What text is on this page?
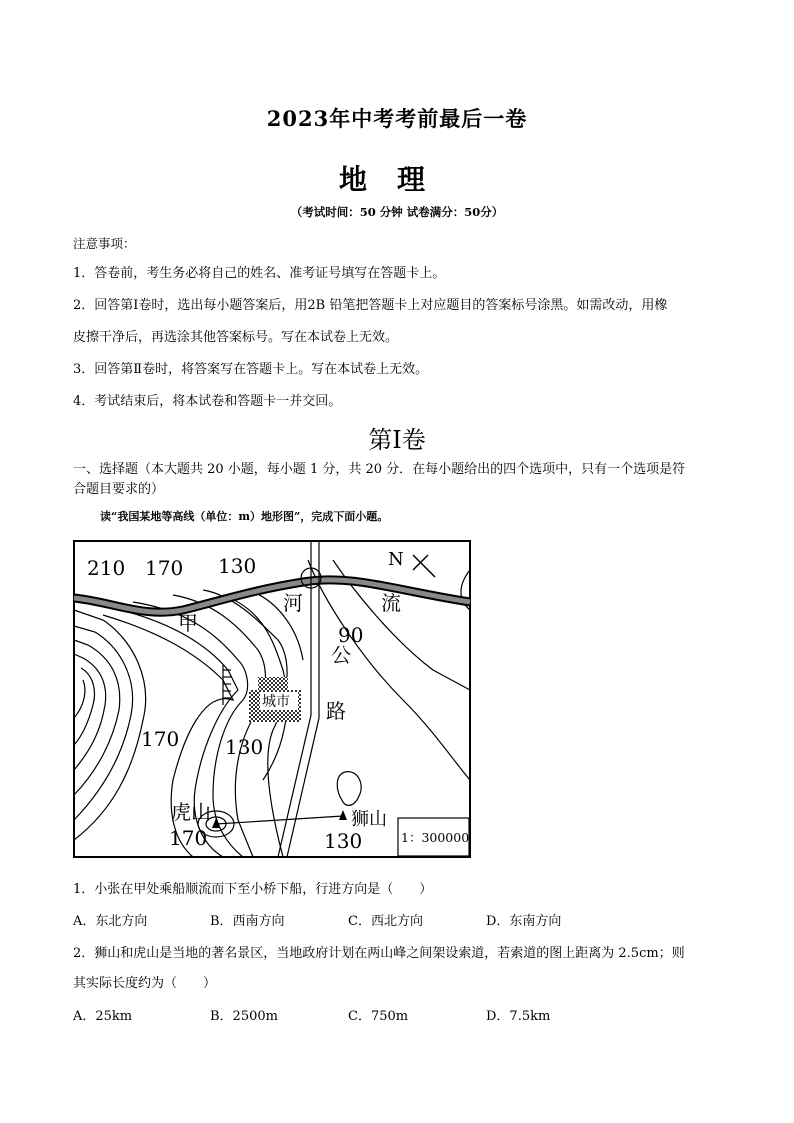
2023年中考考前最后一卷
地理
（考试时间：50 分钟 试卷满分：50分）
注意事项：
1．答卷前，考生务必将自己的姓名、准考证号填写在答题卡上。
2．回答第Ⅰ卷时，选出每小题答案后，用2B 铅笔把答题卡上对应题目的答案标号涂黑。如需改动，用橡
皮擦干净后，再选涂其他答案标号。写在本试卷上无效。
3．回答第Ⅱ卷时，将答案写在答题卡上。写在本试卷上无效。
4．考试结束后，将本试卷和答题卡一并交回。
第Ⅰ卷
一、选择题（本大题共 20 小题，每小题 1 分，共 20 分．在每小题给出的四个选项中，只有一个选项是符
合题目要求的）
读“我国某地等高线（单位：m）地形图”，完成下面小题。
210 170 130
90
甲
河	流
公
路
170 130
虎山
170	130
N
城市
狮山
1：300000
1．小张在甲处乘船顺流而下至小桥下船，行进方向是（　　）
A．东北方向	B．西南方向	C．西北方向	D．东南方向
2．狮山和虎山是当地的著名景区，当地政府计划在两山峰之间架设索道，若索道的图上距离为 2.5cm；则
其实际长度约为（　　）
A．25km	B．2500m	C．750m	D．7.5km
